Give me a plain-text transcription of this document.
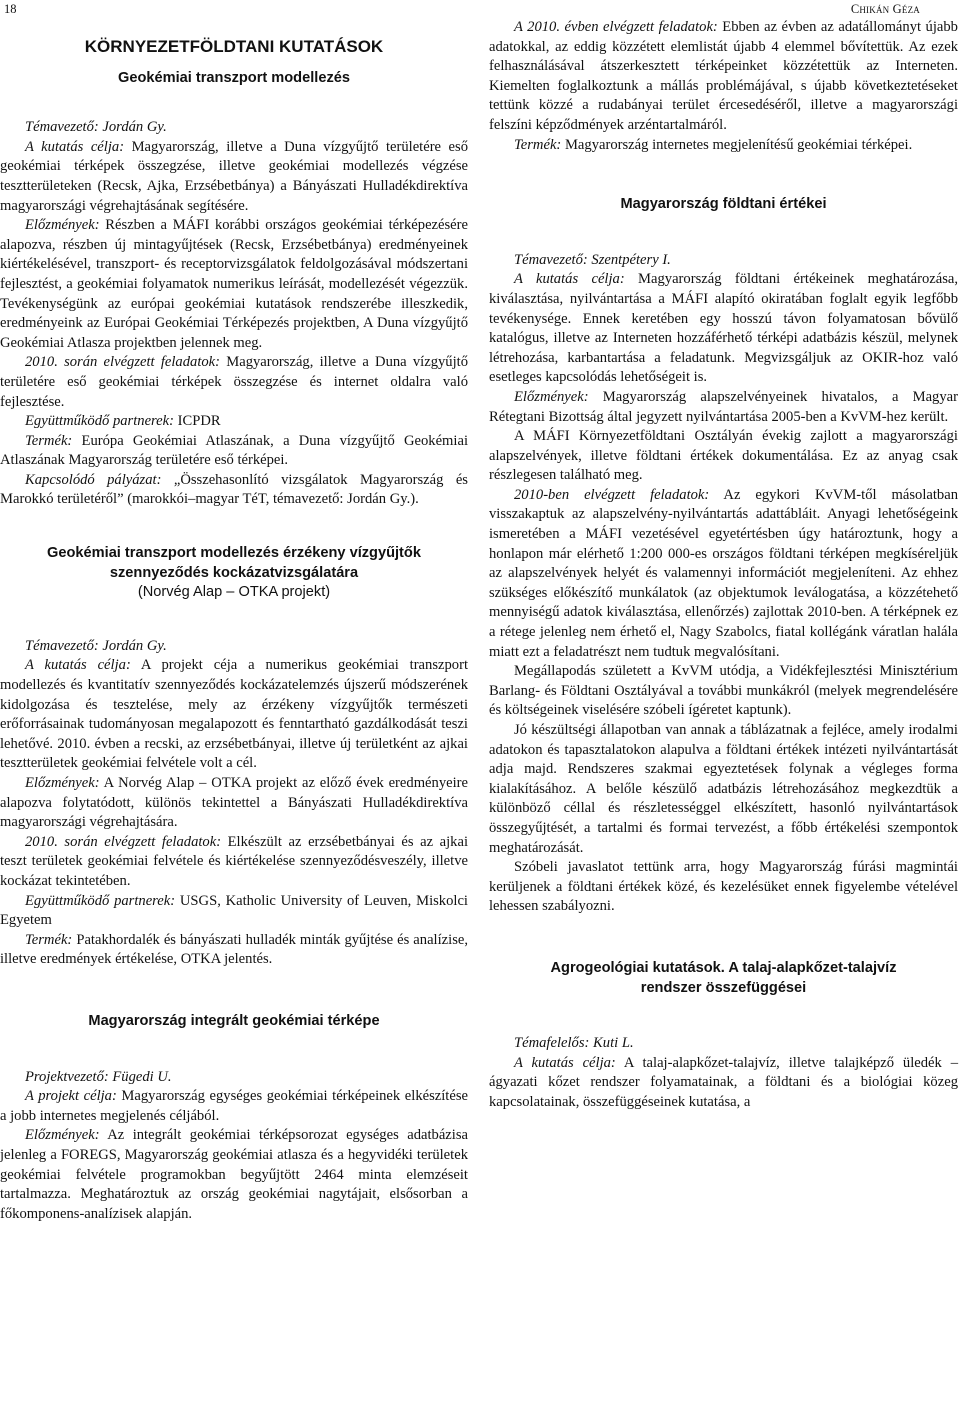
18	Chikán Géza
KÖRNYEZETFÖLDTANI KUTATÁSOK
Geokémiai transzport modellezés

Témavezető: Jordán Gy.

A kutatás célja: Magyarország, illetve a Duna vízgyűjtő területére eső geokémiai térképek összegzése, illetve geokémiai modellezés végzése tesztterületeken (Recsk, Ajka, Erzsébetbánya) a Bányászati Hulladékdirektíva magyarországi végrehajtásának segítésére.

Előzmények: Részben a MÁFI korábbi országos geokémiai térképezésére alapozva, részben új mintagyűjtések (Recsk, Erzsébetbánya) eredményeinek kiértékelésével, transzport- és receptorvizsgálatok feldolgozásával módszertani fejlesztést, a geokémiai folyamatok numerikus leírását, modellezését végezzük. Tevékenységünk az európai geokémiai kutatások rendszerébe illeszkedik, eredményeink az Európai Geokémiai Térképezés projektben, A Duna vízgyűjtő Geokémiai Atlasza projektben jelennek meg.

2010. során elvégzett feladatok: Magyarország, illetve a Duna vízgyűjtő területére eső geokémiai térképek összegzése és internet oldalra való fejlesztése.

Együttműködő partnerek: ICPDR

Termék: Európa Geokémiai Atlaszának, a Duna vízgyűjtő Geokémiai Atlaszának Magyarország területére eső térképei.

Kapcsolódó pályázat: „Összehasonlító vizsgálatok Magyarország és Marokkó területéről” (marokkói–magyar TéT, témavezető: Jordán Gy.).

Geokémiai transzport modellezés érzékeny vízgyűjtők
szennyeződés kockázatvizsgálatára
(Norvég Alap – OTKA projekt)

Témavezető: Jordán Gy.

A kutatás célja: A projekt céja a numerikus geokémiai transzport modellezés és kvantitatív szennyeződés kockázatelemzés újszerű módszerének kidolgozása és tesztelése, mely az érzékeny vízgyűjtők természeti erőforrásainak tudományosan megalapozott és fenntartható gazdálkodását teszi lehetővé. 2010. évben a recski, az erzsébetbányai, illetve új területként az ajkai tesztterületek geokémiai felvétele volt a cél.

Előzmények: A Norvég Alap – OTKA projekt az előző évek eredményeire alapozva folytatódott, különös tekintettel a Bányászati Hulladékdirektíva magyarországi végrehajtására.

2010. során elvégzett feladatok: Elkészült az erzsébetbányai és az ajkai teszt területek geokémiai felvétele és kiértékelése szennyeződésveszély, illetve kockázat tekintetében.

Együttműködő partnerek: USGS, Katholic University of Leuven, Miskolci Egyetem

Termék: Patakhordalék és bányászati hulladék minták gyűjtése és analízise, illetve eredmények értékelése, OTKA jelentés.

Magyarország integrált geokémiai térképe

Projektvezető: Fügedi U.

A projekt célja: Magyarország egységes geokémiai térképeinek elkészítése a jobb internetes megjelenés céljából.

Előzmények: Az integrált geokémiai térképsorozat egységes adatbázisa jelenleg a FOREGS, Magyarország geokémiai atlasza és a hegyvidéki területek geokémiai felvétele programokban begyűjtött 2464 minta elemzéseit tartalmazza. Meghatároztuk az ország geokémiai nagytájait, elsősorban a főkomponens-analízisek alapján.

A 2010. évben elvégzett feladatok: Ebben az évben az adatállományt újabb adatokkal, az eddig közzétett elemlistát újabb 4 elemmel bővítettük. Az ezek felhasználásával átszerkesztett térképeinket közzétettük az Interneten. Kiemelten foglalkoztunk a mállás problémájával, s újabb következtetéseket tettünk közzé a rudabányai terület ércesedéséről, illetve a magyarországi felszíni képződmények arzéntartalmáról.

Termék: Magyarország internetes megjelenítésű geokémiai térképei.

Magyarország földtani értékei

Témavezető: Szentpétery I.

A kutatás célja: Magyarország földtani értékeinek meghatározása, kiválasztása, nyilvántartása a MÁFI alapító okiratában foglalt egyik legfőbb tevékenysége. Ennek keretében egy hosszú távon folyamatosan bővülő katalógus, illetve az Interneten hozzáférhető térképi adatbázis készül, melynek létrehozása, karbantartása a feladatunk. Megvizsgáljuk az OKIR-hoz való esetleges kapcsolódás lehetőségeit is.

Előzmények: Magyarország alapszelvényeinek hivatalos, a Magyar Rétegtani Bizottság által jegyzett nyilvántartása 2005-ben a KvVM-hez került.

A MÁFI Környezetföldtani Osztályán évekig zajlott a magyarországi alapszelvények, illetve földtani értékek dokumentálása. Ez az anyag csak részlegesen található meg.

2010-ben elvégzett feladatok: Az egykori KvVM-től másolatban visszakaptuk az alapszelvény-nyilvántartás adattábláit. Anyagi lehetőségeink ismeretében a MÁFI vezetésével egyetértésben úgy határoztunk, hogy a honlapon már elérhető 1:200 000-es országos földtani térképen megkíséreljük az alapszelvények helyét és valamennyi információt megjeleníteni. Az ehhez szükséges előkészítő munkálatok (az objektumok leválogatása, a közzétehető mennyiségű adatok kiválasztása, ellenőrzés) zajlottak 2010-ben. A térképnek ez a rétege jelenleg nem érhető el, Nagy Szabolcs, fiatal kollégánk váratlan halála miatt ezt a feladatrészt nem tudtuk megvalósítani.

Megállapodás született a KvVM utódja, a Vidékfejlesztési Minisztérium Barlang- és Földtani Osztályával a további munkákról (melyek megrendelésére és költségeinek viselésére szóbeli ígéretet kaptunk).

Jó készültségi állapotban van annak a táblázatnak a fejléce, amely irodalmi adatokon és tapasztalatokon alapulva a földtani értékek intézeti nyilvántartását adja majd. Rendszeres szakmai egyeztetések folynak a végleges forma kialakításához. A belőle készülő adatbázis létrehozásához megkezdtük a különböző céllal és részletességgel elkészített, hasonló nyilvántartások összegyűjtését, a tartalmi és formai tervezést, a főbb értékelési szempontok meghatározását.

Szóbeli javaslatot tettünk arra, hogy Magyarország fúrási magmintái kerüljenek a földtani értékek közé, és kezelésüket ennek figyelembe vételével lehessen szabályozni.

Agrogeológiai kutatások. A talaj-alapkőzet-talajvíz
rendszer összefüggései

Témafelelős: Kuti L.

A kutatás célja: A talaj-alapkőzet-talajvíz, illetve talajképző üledék – ágyazati kőzet rendszer folyamatainak, a földtani és a biológiai közeg kapcsolatainak, összefüggéseinek kutatása, a
